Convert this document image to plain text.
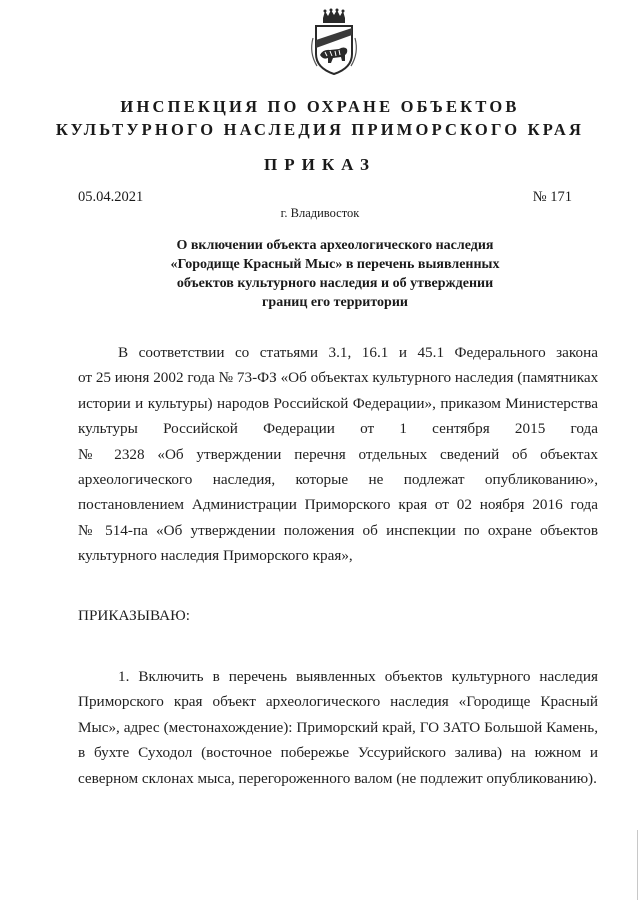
ИНСПЕКЦИЯ ПО ОХРАНЕ ОБЪЕКТОВ
КУЛЬТУРНОГО НАСЛЕДИЯ ПРИМОРСКОГО КРАЯ
ПРИКАЗ
05.04.2021	№ 171
г. Владивосток
О включении объекта археологического наследия
«Городище Красный Мыс» в перечень выявленных
объектов культурного наследия и об утверждении
границ его территории
В соответствии со статьями 3.1, 16.1 и 45.1 Федерального закона
от 25 июня 2002 года № 73-ФЗ «Об объектах культурного наследия (памятниках
истории и культуры) народов Российской Федерации», приказом Министерства
культуры Российской Федерации от 1 сентября 2015 года
№ 2328 «Об утверждении перечня отдельных сведений об объектах
археологического наследия, которые не подлежат опубликованию»,
постановлением Администрации Приморского края от 02 ноября 2016 года
№ 514-па «Об утверждении положения об инспекции по охране объектов
культурного наследия Приморского края»,
ПРИКАЗЫВАЮ:
1. Включить в перечень выявленных объектов культурного наследия
Приморского края объект археологического наследия «Городище Красный
Мыс», адрес (местонахождение): Приморский край, ГО ЗАТО Большой Камень,
в бухте Суходол (восточное побережье Уссурийского залива) на южном и
северном склонах мыса, перегороженного валом (не подлежит опубликованию).
